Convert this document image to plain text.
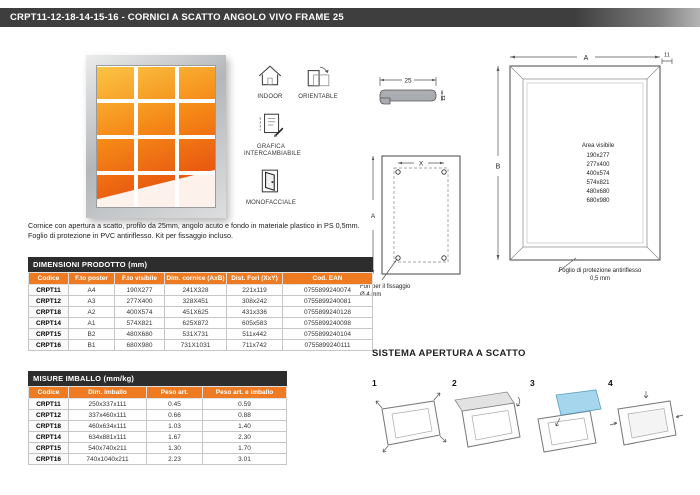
CRPT11-12-18-14-15-16 - CORNICI A SCATTO ANGOLO VIVO FRAME 25
INDOOR	ORIENTABLE
GRAFICA INTERCAMBIABILE
MONOFACCIALE
25
11
A
X
Fori per il fissaggio Ø 4 mm
A	11
B
Area visibile
190x277
277x400
400x574
574x821
480x680
680x980
Foglio di protezione antiriflesso 0,5 mm
Cornice con apertura a scatto, profilo da 25mm, angolo acuto e fondo in materiale plastico in PS 0,5mm. Foglio di protezione in PVC antiriflesso. Kit per fissaggio incluso.
DIMENSIONI PRODOTTO (mm)
Codice	F.to poster	F.to visibile	Dim. cornice (AxB)	Dist. Fori (XxY)	Cod. EAN
CRPT11	A4	190X277	241X328	221x119	0755899240074
CRPT12	A3	277X400	328X451	308x242	0755899240081
CRPT18	A2	400X574	451X625	431x336	0755899240128
CRPT14	A1	574X821	625X872	605x583	0755899240098
CRPT15	B2	480X680	531X731	511x442	0755899240104
CRPT16	B1	680X980	731X1031	711x742	0755899240111
MISURE IMBALLO (mm/kg)
Codice	Dim. imballo	Peso art.	Peso art. e imballo
CRPT11	250x337x111	0.45	0.59
CRPT12	337x460x111	0.66	0.88
CRPT18	460x634x111	1.03	1.40
CRPT14	634x881x111	1.67	2.30
CRPT15	540x740x211	1.30	1.70
CRPT16	740x1040x211	2.23	3.01
SISTEMA APERTURA A SCATTO
1	2	3	4
